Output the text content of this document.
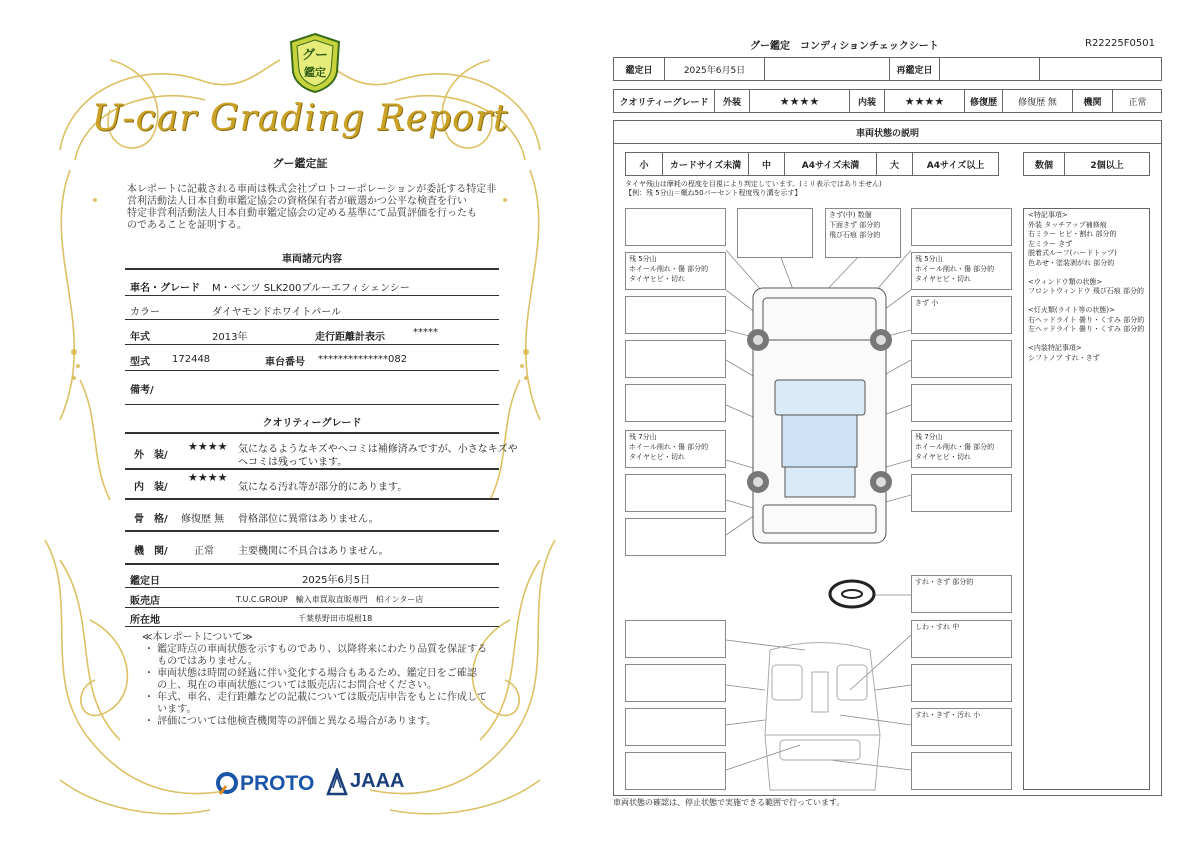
グー
鑑定
U-car Grading Report
グー鑑定証
本レポートに記載される車両は株式会社プロトコーポレーションが委託する特定非
営利活動法人日本自動車鑑定協会の資格保有者が厳選かつ公平な検査を行い
特定非営利活動法人日本自動車鑑定協会の定める基準にて品質評価を行ったも
のであることを証明する。
車両諸元内容
車名・グレード M・ベンツ SLK200ブルーエフィシェンシー
カラー	ダイヤモンドホワイトパール
年式	2013年	走行距離計表示	*****
型式 172448	車台番号 **************082
備考/
クオリティーグレード
外　装/
★★★★ 気になるようなキズやヘコミは補修済みですが、小さなキズや
ヘコミは残っています。
内　装/
★★★★
気になる汚れ等が部分的にあります。
骨　格/ 修復歴 無 骨格部位に異常はありません。
機　関/	正常 主要機関に不具合はありません。
鑑定日	2025年6月5日
販売店	T.U.C.GROUP　輸入車買取直販専門　柏インター店
所在地	千葉県野田市堤根18
≪本レポートについて≫
・ 鑑定時点の車両状態を示すものであり、以降将来にわたり品質を保証する
　 ものではありません。
・ 車両状態は時間の経過に伴い変化する場合もあるため、鑑定日をご確認
　 の上、現在の車両状態については販売店にお問合せください。
・ 年式、車名、走行距離などの記載については販売店申告をもとに作成して
　 います。
・ 評価については他検査機関等の評価と異なる場合があります。
PROTO JAAA
グー鑑定　コンディションチェックシート	R22225F0501
鑑定日	2025年6月5日	再鑑定日
クオリティーグレード	外装	★★★★	内装	★★★★	修復歴	修復歴 無	機関	正常
車両状態の説明
小	カードサイズ未満	中	A4サイズ未満	大	A4サイズ以上	数個	2個以上
タイヤ残山は摩耗の程度を目視により判定しています。(ミリ表示ではありません)
【例：残 5分山＝概ね50パーセント程度残り溝を示す】
きず(中) 数個
下面きず 部分的
飛び石痕 部分的
残 5分山
ホイール削れ・傷 部分的
タイヤヒビ・切れ
残 5分山
ホイール削れ・傷 部分的
タイヤヒビ・切れ
きず 小
残 7分山
ホイール削れ・傷 部分的
タイヤヒビ・切れ
残 7分山
ホイール削れ・傷 部分的
タイヤヒビ・切れ
すれ・きず 部分的
しわ・すれ 中
すれ・きず・汚れ 小
<特記事項>
外装 タッチアップ補修痕
右ミラー ヒビ・割れ 部分的
左ミラー きず
脱着式ルーフ(ハードトップ)
色あせ・塗装剥がれ 部分的
<ウィンドウ類の状態>
フロントウィンドウ 飛び石痕 部分的
<灯火類(ライト等の状態)>
右ヘッドライト 曇り・くすみ 部分的
左ヘッドライト 曇り・くすみ 部分的
<内装特記事項>
シフトノブ すれ・きず
車両状態の確認は、停止状態で実施できる範囲で行っています。
